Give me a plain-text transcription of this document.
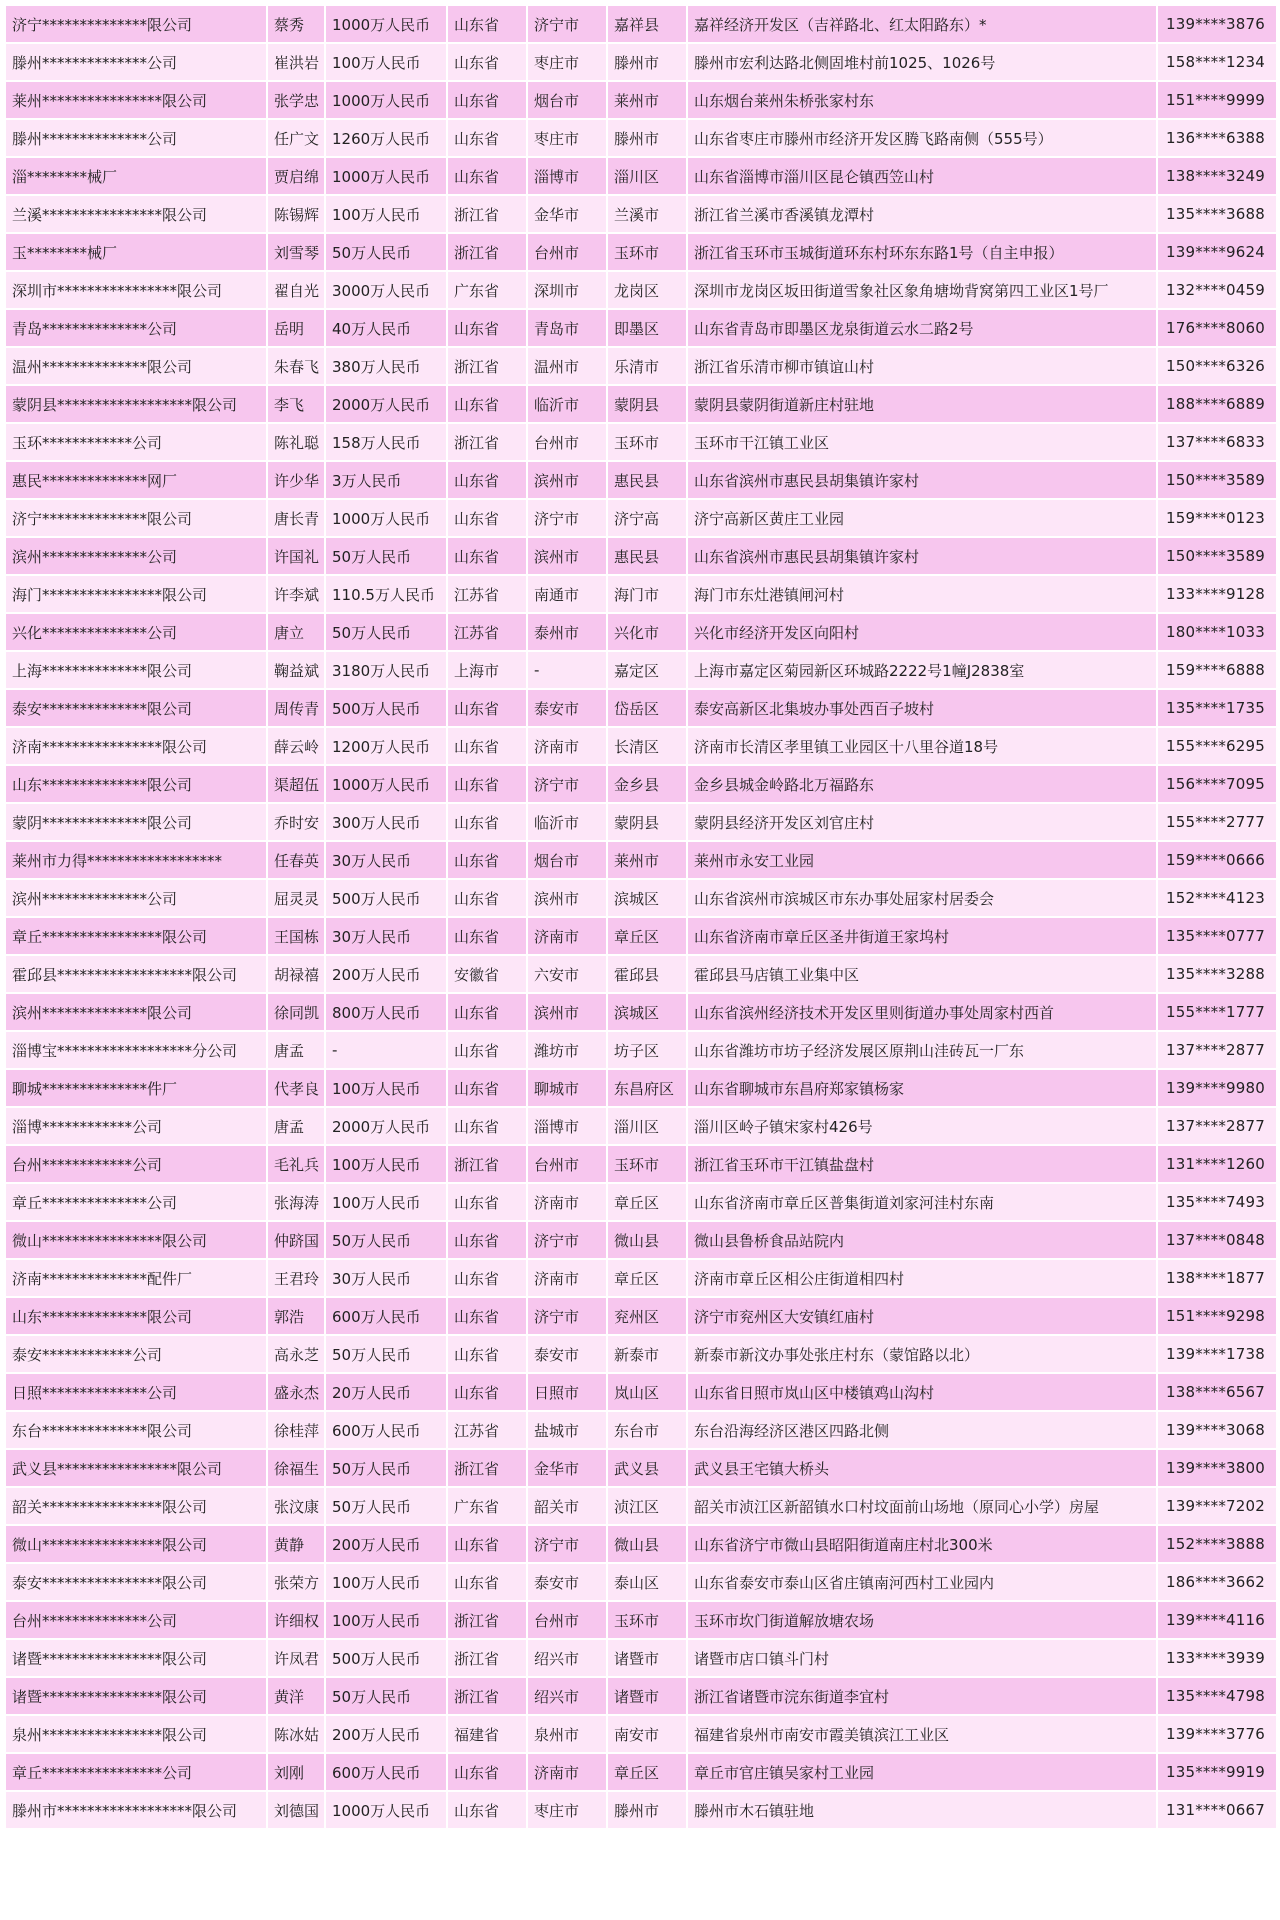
济宁**************限公司	蔡秀	1000万人民币	山东省	济宁市	嘉祥县	嘉祥经济开发区（吉祥路北、红太阳路东）*	139****3876
滕州**************公司	崔洪岩	100万人民币	山东省	枣庄市	滕州市	滕州市宏利达路北侧固堆村前1025、1026号	158****1234
莱州****************限公司	张学忠	1000万人民币	山东省	烟台市	莱州市	山东烟台莱州朱桥张家村东	151****9999
滕州**************公司	任广文	1260万人民币	山东省	枣庄市	滕州市	山东省枣庄市滕州市经济开发区腾飞路南侧（555号）	136****6388
淄********械厂	贾启绵	1000万人民币	山东省	淄博市	淄川区	山东省淄博市淄川区昆仑镇西笠山村	138****3249
兰溪****************限公司	陈锡辉	100万人民币	浙江省	金华市	兰溪市	浙江省兰溪市香溪镇龙潭村	135****3688
玉********械厂	刘雪琴	50万人民币	浙江省	台州市	玉环市	浙江省玉环市玉城街道环东村环东东路1号（自主申报）	139****9624
深圳市****************限公司	翟自光	3000万人民币	广东省	深圳市	龙岗区	深圳市龙岗区坂田街道雪象社区象角塘坳背窝第四工业区1号厂	132****0459
青岛**************公司	岳明	40万人民币	山东省	青岛市	即墨区	山东省青岛市即墨区龙泉街道云水二路2号	176****8060
温州**************限公司	朱春飞	380万人民币	浙江省	温州市	乐清市	浙江省乐清市柳市镇谊山村	150****6326
蒙阴县******************限公司	李飞	2000万人民币	山东省	临沂市	蒙阴县	蒙阴县蒙阴街道新庄村驻地	188****6889
玉环************公司	陈礼聪	158万人民币	浙江省	台州市	玉环市	玉环市干江镇工业区	137****6833
惠民**************网厂	许少华	3万人民币	山东省	滨州市	惠民县	山东省滨州市惠民县胡集镇许家村	150****3589
济宁**************限公司	唐长青	1000万人民币	山东省	济宁市	济宁高	济宁高新区黄庄工业园	159****0123
滨州**************公司	许国礼	50万人民币	山东省	滨州市	惠民县	山东省滨州市惠民县胡集镇许家村	150****3589
海门****************限公司	许李斌	110.5万人民币	江苏省	南通市	海门市	海门市东灶港镇闸河村	133****9128
兴化**************公司	唐立	50万人民币	江苏省	泰州市	兴化市	兴化市经济开发区向阳村	180****1033
上海**************限公司	鞠益斌	3180万人民币	上海市	-	嘉定区	上海市嘉定区菊园新区环城路2222号1幢J2838室	159****6888
泰安**************限公司	周传青	500万人民币	山东省	泰安市	岱岳区	泰安高新区北集坡办事处西百子坡村	135****1735
济南****************限公司	薛云岭	1200万人民币	山东省	济南市	长清区	济南市长清区孝里镇工业园区十八里谷道18号	155****6295
山东**************限公司	渠超伍	1000万人民币	山东省	济宁市	金乡县	金乡县城金岭路北万福路东	156****7095
蒙阴**************限公司	乔时安	300万人民币	山东省	临沂市	蒙阴县	蒙阴县经济开发区刘官庄村	155****2777
莱州市力得******************	任春英	30万人民币	山东省	烟台市	莱州市	莱州市永安工业园	159****0666
滨州**************公司	屈灵灵	500万人民币	山东省	滨州市	滨城区	山东省滨州市滨城区市东办事处屈家村居委会	152****4123
章丘****************限公司	王国栋	30万人民币	山东省	济南市	章丘区	山东省济南市章丘区圣井街道王家坞村	135****0777
霍邱县******************限公司	胡禄禧	200万人民币	安徽省	六安市	霍邱县	霍邱县马店镇工业集中区	135****3288
滨州**************限公司	徐同凯	800万人民币	山东省	滨州市	滨城区	山东省滨州经济技术开发区里则街道办事处周家村西首	155****1777
淄博宝******************分公司	唐孟	-	山东省	潍坊市	坊子区	山东省潍坊市坊子经济发展区原荆山洼砖瓦一厂东	137****2877
聊城**************件厂	代孝良	100万人民币	山东省	聊城市	东昌府区	山东省聊城市东昌府郑家镇杨家	139****9980
淄博************公司	唐孟	2000万人民币	山东省	淄博市	淄川区	淄川区岭子镇宋家村426号	137****2877
台州************公司	毛礼兵	100万人民币	浙江省	台州市	玉环市	浙江省玉环市干江镇盐盘村	131****1260
章丘**************公司	张海涛	100万人民币	山东省	济南市	章丘区	山东省济南市章丘区普集街道刘家河洼村东南	135****7493
微山****************限公司	仲跻国	50万人民币	山东省	济宁市	微山县	微山县鲁桥食品站院内	137****0848
济南**************配件厂	王君玲	30万人民币	山东省	济南市	章丘区	济南市章丘区相公庄街道相四村	138****1877
山东**************限公司	郭浩	600万人民币	山东省	济宁市	兖州区	济宁市兖州区大安镇红庙村	151****9298
泰安************公司	高永芝	50万人民币	山东省	泰安市	新泰市	新泰市新汶办事处张庄村东（蒙馆路以北）	139****1738
日照**************公司	盛永杰	20万人民币	山东省	日照市	岚山区	山东省日照市岚山区中楼镇鸡山沟村	138****6567
东台**************限公司	徐桂萍	600万人民币	江苏省	盐城市	东台市	东台沿海经济区港区四路北侧	139****3068
武义县****************限公司	徐福生	50万人民币	浙江省	金华市	武义县	武义县王宅镇大桥头	139****3800
韶关****************限公司	张汶康	50万人民币	广东省	韶关市	浈江区	韶关市浈江区新韶镇水口村坟面前山场地（原同心小学）房屋	139****7202
微山****************限公司	黄静	200万人民币	山东省	济宁市	微山县	山东省济宁市微山县昭阳街道南庄村北300米	152****3888
泰安****************限公司	张荣方	100万人民币	山东省	泰安市	泰山区	山东省泰安市泰山区省庄镇南河西村工业园内	186****3662
台州**************公司	许细权	100万人民币	浙江省	台州市	玉环市	玉环市坎门街道解放塘农场	139****4116
诸暨****************限公司	许凤君	500万人民币	浙江省	绍兴市	诸暨市	诸暨市店口镇斗门村	133****3939
诸暨****************限公司	黄洋	50万人民币	浙江省	绍兴市	诸暨市	浙江省诸暨市浣东街道李宜村	135****4798
泉州****************限公司	陈冰姑	200万人民币	福建省	泉州市	南安市	福建省泉州市南安市霞美镇滨江工业区	139****3776
章丘****************公司	刘刚	600万人民币	山东省	济南市	章丘区	章丘市官庄镇吴家村工业园	135****9919
滕州市******************限公司	刘德国	1000万人民币	山东省	枣庄市	滕州市	滕州市木石镇驻地	131****0667
